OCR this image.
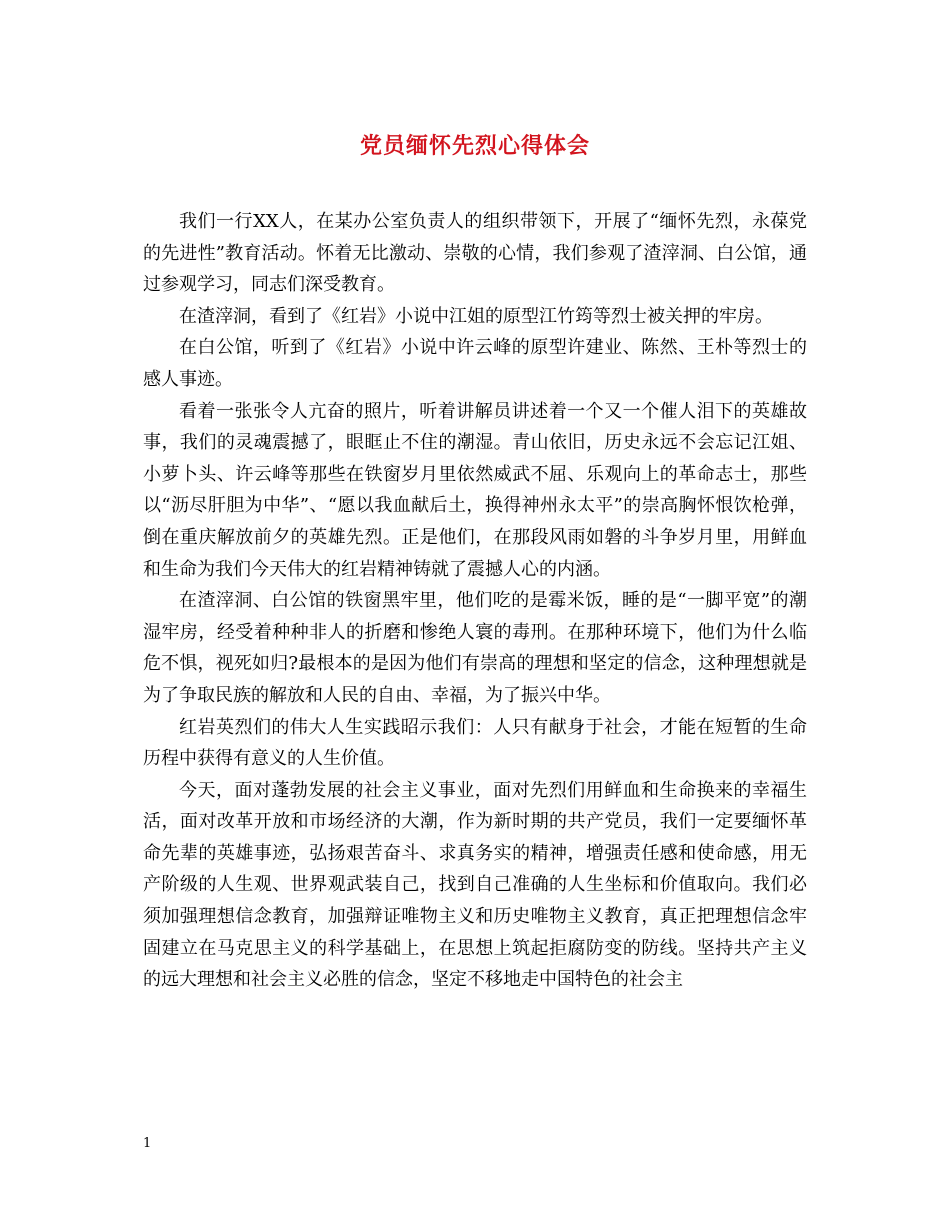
党员缅怀先烈心得体会

我们一行XX人，在某办公室负责人的组织带领下，开展了“缅怀先烈，永葆党的先进性”教育活动。怀着无比激动、崇敬的心情，我们参观了渣滓洞、白公馆，通过参观学习，同志们深受教育。

在渣滓洞，看到了《红岩》小说中江姐的原型江竹筠等烈士被关押的牢房。

在白公馆，听到了《红岩》小说中许云峰的原型许建业、陈然、王朴等烈士的感人事迹。

看着一张张令人亢奋的照片，听着讲解员讲述着一个又一个催人泪下的英雄故事，我们的灵魂震撼了，眼眶止不住的潮湿。青山依旧，历史永远不会忘记江姐、小萝卜头、许云峰等那些在铁窗岁月里依然威武不屈、乐观向上的革命志士，那些以“沥尽肝胆为中华”、“愿以我血献后土，换得神州永太平”的崇高胸怀恨饮枪弹，倒在重庆解放前夕的英雄先烈。正是他们，在那段风雨如磐的斗争岁月里，用鲜血和生命为我们今天伟大的红岩精神铸就了震撼人心的内涵。

在渣滓洞、白公馆的铁窗黑牢里，他们吃的是霉米饭，睡的是“一脚平宽”的潮湿牢房，经受着种种非人的折磨和惨绝人寰的毒刑。在那种环境下，他们为什么临危不惧，视死如归?最根本的是因为他们有崇高的理想和坚定的信念，这种理想就是为了争取民族的解放和人民的自由、幸福，为了振兴中华。

红岩英烈们的伟大人生实践昭示我们：人只有献身于社会，才能在短暂的生命历程中获得有意义的人生价值。

今天，面对蓬勃发展的社会主义事业，面对先烈们用鲜血和生命换来的幸福生活，面对改革开放和市场经济的大潮，作为新时期的共产党员，我们一定要缅怀革命先辈的英雄事迹，弘扬艰苦奋斗、求真务实的精神，增强责任感和使命感，用无产阶级的人生观、世界观武装自己，找到自己准确的人生坐标和价值取向。我们必须加强理想信念教育，加强辩证唯物主义和历史唯物主义教育，真正把理想信念牢固建立在马克思主义的科学基础上，在思想上筑起拒腐防变的防线。坚持共产主义的远大理想和社会主义必胜的信念，坚定不移地走中国特色的社会主

1
